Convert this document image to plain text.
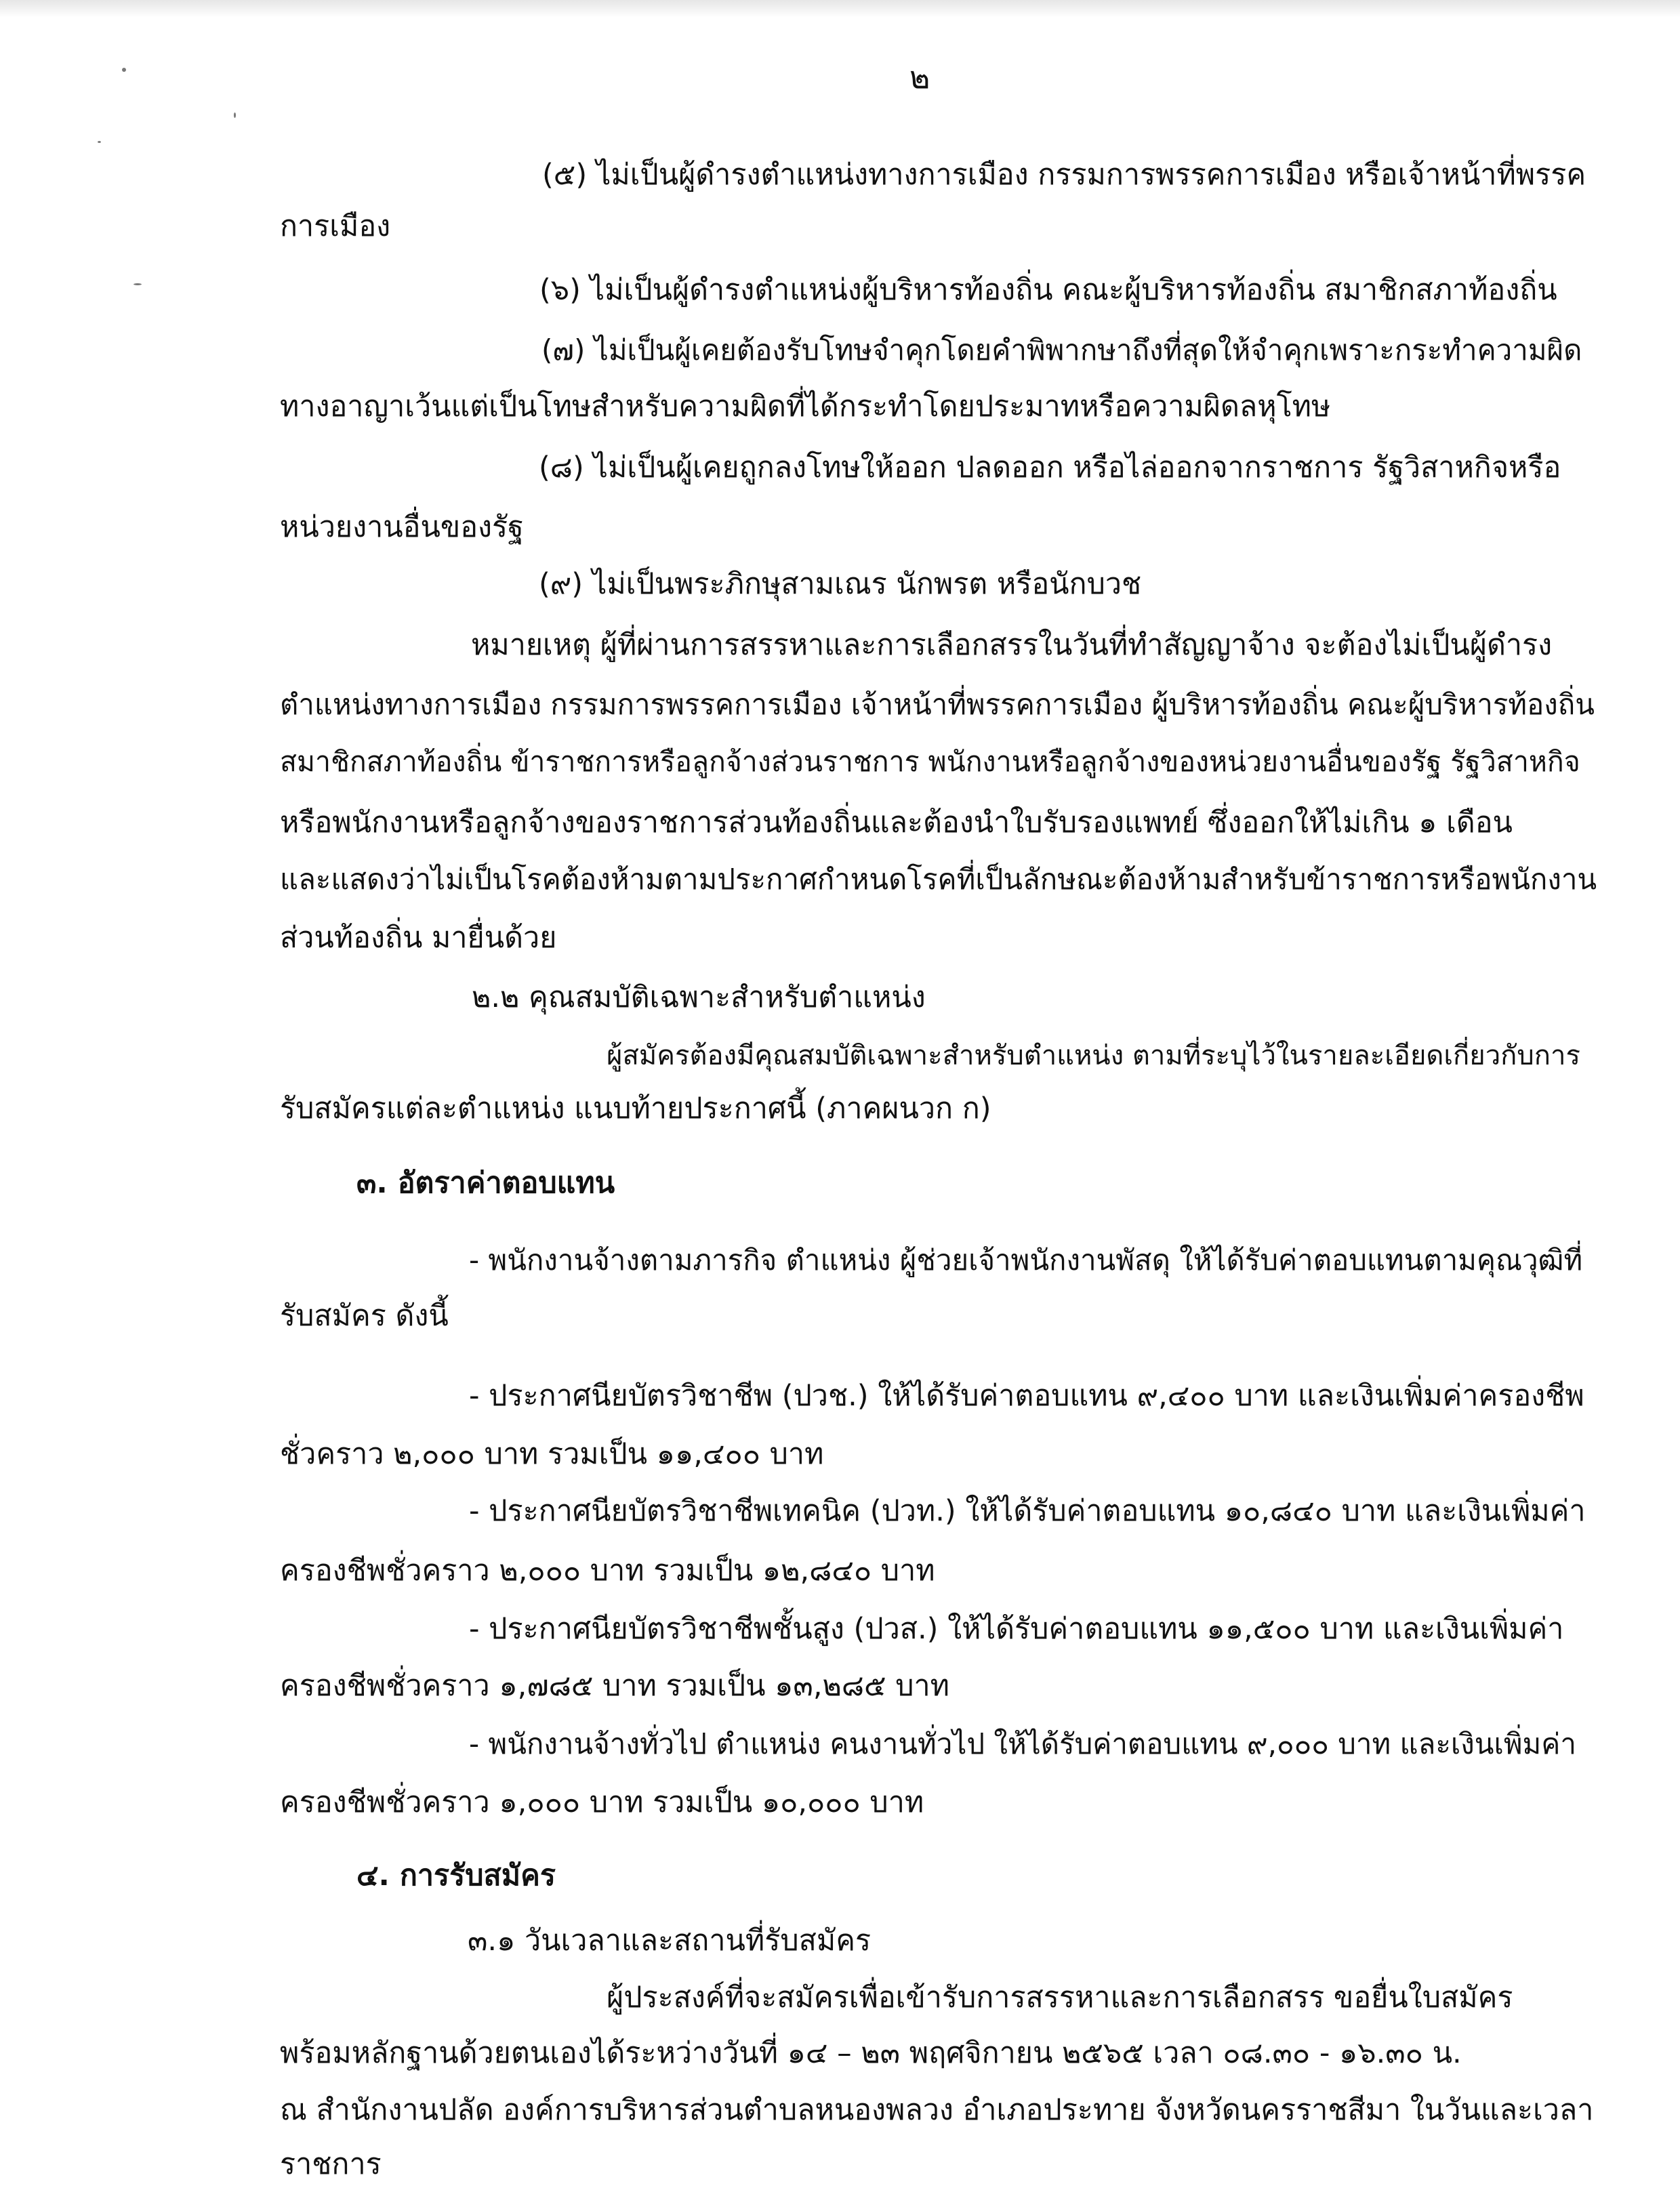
๒
(๕) ไม่เป็นผู้ดำรงตำแหน่งทางการเมือง กรรมการพรรคการเมือง หรือเจ้าหน้าที่พรรค
การเมือง
(๖) ไม่เป็นผู้ดำรงตำแหน่งผู้บริหารท้องถิ่น คณะผู้บริหารท้องถิ่น สมาชิกสภาท้องถิ่น
(๗) ไม่เป็นผู้เคยต้องรับโทษจำคุกโดยคำพิพากษาถึงที่สุดให้จำคุกเพราะกระทำความผิด
ทางอาญาเว้นแต่เป็นโทษสำหรับความผิดที่ได้กระทำโดยประมาทหรือความผิดลหุโทษ
(๘) ไม่เป็นผู้เคยถูกลงโทษให้ออก ปลดออก หรือไล่ออกจากราชการ รัฐวิสาหกิจหรือ
หน่วยงานอื่นของรัฐ
(๙) ไม่เป็นพระภิกษุสามเณร นักพรต หรือนักบวช
หมายเหตุ ผู้ที่ผ่านการสรรหาและการเลือกสรรในวันที่ทำสัญญาจ้าง จะต้องไม่เป็นผู้ดำรง
ตำแหน่งทางการเมือง กรรมการพรรคการเมือง เจ้าหน้าที่พรรคการเมือง ผู้บริหารท้องถิ่น คณะผู้บริหารท้องถิ่น
สมาชิกสภาท้องถิ่น ข้าราชการหรือลูกจ้างส่วนราชการ พนักงานหรือลูกจ้างของหน่วยงานอื่นของรัฐ รัฐวิสาหกิจ
หรือพนักงานหรือลูกจ้างของราชการส่วนท้องถิ่นและต้องนำใบรับรองแพทย์ ซึ่งออกให้ไม่เกิน ๑ เดือน
และแสดงว่าไม่เป็นโรคต้องห้ามตามประกาศกำหนดโรคที่เป็นลักษณะต้องห้ามสำหรับข้าราชการหรือพนักงาน
ส่วนท้องถิ่น มายื่นด้วย
๒.๒ คุณสมบัติเฉพาะสำหรับตำแหน่ง
ผู้สมัครต้องมีคุณสมบัติเฉพาะสำหรับตำแหน่ง ตามที่ระบุไว้ในรายละเอียดเกี่ยวกับการ
รับสมัครแต่ละตำแหน่ง แนบท้ายประกาศนี้ (ภาคผนวก ก)
๓. อัตราค่าตอบแทน
- พนักงานจ้างตามภารกิจ ตำแหน่ง ผู้ช่วยเจ้าพนักงานพัสดุ ให้ได้รับค่าตอบแทนตามคุณวุฒิที่
รับสมัคร ดังนี้
- ประกาศนียบัตรวิชาชีพ (ปวช.) ให้ได้รับค่าตอบแทน ๙,๔๐๐ บาท และเงินเพิ่มค่าครองชีพ
ชั่วคราว ๒,๐๐๐ บาท รวมเป็น ๑๑,๔๐๐ บาท
- ประกาศนียบัตรวิชาชีพเทคนิค (ปวท.) ให้ได้รับค่าตอบแทน ๑๐,๘๔๐ บาท และเงินเพิ่มค่า
ครองชีพชั่วคราว ๒,๐๐๐ บาท รวมเป็น ๑๒,๘๔๐ บาท
- ประกาศนียบัตรวิชาชีพชั้นสูง (ปวส.) ให้ได้รับค่าตอบแทน ๑๑,๕๐๐ บาท และเงินเพิ่มค่า
ครองชีพชั่วคราว ๑,๗๘๕ บาท รวมเป็น ๑๓,๒๘๕ บาท
- พนักงานจ้างทั่วไป ตำแหน่ง คนงานทั่วไป ให้ได้รับค่าตอบแทน ๙,๐๐๐ บาท และเงินเพิ่มค่า
ครองชีพชั่วคราว ๑,๐๐๐ บาท รวมเป็น ๑๐,๐๐๐ บาท
๔. การรับสมัคร
๓.๑ วันเวลาและสถานที่รับสมัคร
ผู้ประสงค์ที่จะสมัครเพื่อเข้ารับการสรรหาและการเลือกสรร ขอยื่นใบสมัคร
พร้อมหลักฐานด้วยตนเองได้ระหว่างวันที่ ๑๔ – ๒๓ พฤศจิกายน ๒๕๖๕ เวลา ๐๘.๓๐ - ๑๖.๓๐ น.
ณ สำนักงานปลัด องค์การบริหารส่วนตำบลหนองพลวง อำเภอประทาย จังหวัดนครราชสีมา ในวันและเวลา
ราชการ
